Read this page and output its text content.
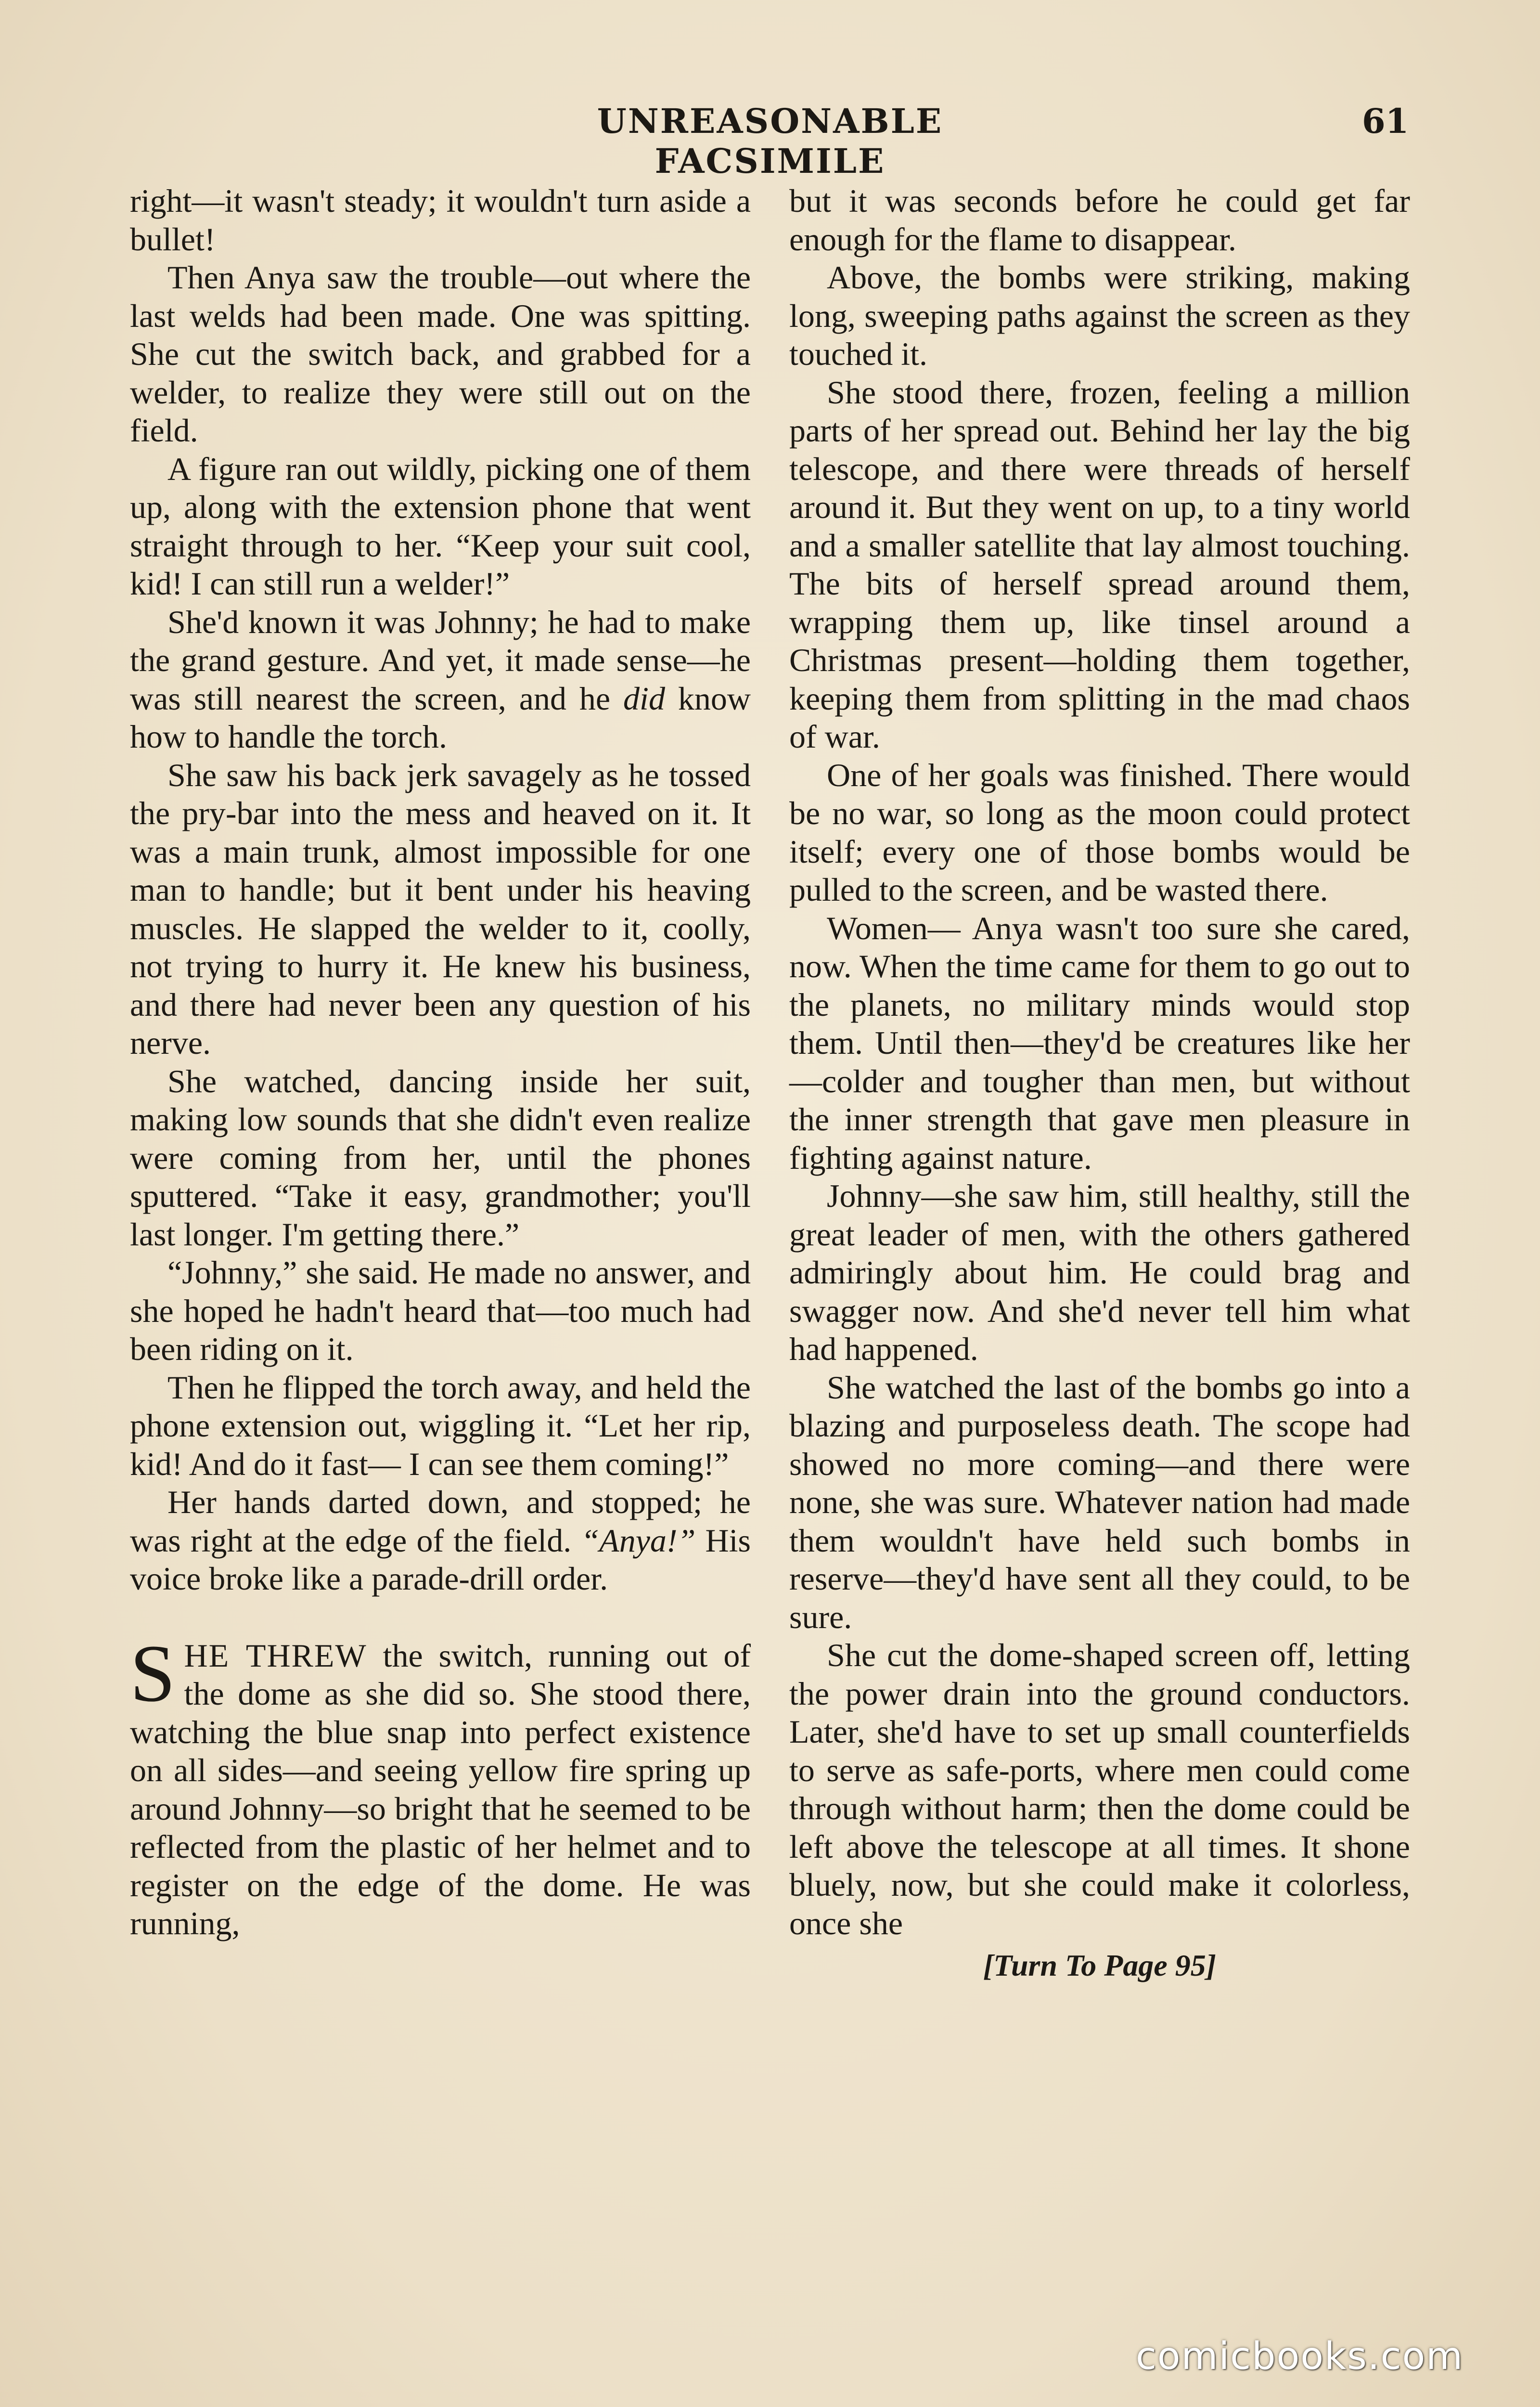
UNREASONABLE FACSIMILE
61

right—it wasn't steady; it wouldn't turn aside a bullet!

Then Anya saw the trouble—out where the last welds had been made. One was spitting. She cut the switch back, and grabbed for a welder, to realize they were still out on the field.

A figure ran out wildly, picking one of them up, along with the extension phone that went straight through to her. “Keep your suit cool, kid! I can still run a welder!”

She'd known it was Johnny; he had to make the grand gesture. And yet, it made sense—he was still nearest the screen, and he did know how to handle the torch.

She saw his back jerk savagely as he tossed the pry-bar into the mess and heaved on it. It was a main trunk, almost impossible for one man to handle; but it bent under his heaving muscles. He slapped the welder to it, coolly, not trying to hurry it. He knew his business, and there had never been any question of his nerve.

She watched, dancing inside her suit, making low sounds that she didn't even realize were coming from her, until the phones sputtered. “Take it easy, grandmother; you'll last longer. I'm getting there.”

“Johnny,” she said. He made no answer, and she hoped he hadn't heard that—too much had been riding on it.

Then he flipped the torch away, and held the phone extension out, wiggling it. “Let her rip, kid! And do it fast— I can see them coming!”

Her hands darted down, and stopped; he was right at the edge of the field. “Anya!” His voice broke like a parade-drill order.

SHE THREW the switch, running out of the dome as she did so. She stood there, watching the blue snap into perfect existence on all sides—and seeing yellow fire spring up around Johnny—so bright that he seemed to be reflected from the plastic of her helmet and to register on the edge of the dome. He was running,

but it was seconds before he could get far enough for the flame to disappear.

Above, the bombs were striking, making long, sweeping paths against the screen as they touched it.

She stood there, frozen, feeling a million parts of her spread out. Behind her lay the big telescope, and there were threads of herself around it. But they went on up, to a tiny world and a smaller satellite that lay almost touching. The bits of herself spread around them, wrapping them up, like tinsel around a Christmas present—holding them together, keeping them from splitting in the mad chaos of war.

One of her goals was finished. There would be no war, so long as the moon could protect itself; every one of those bombs would be pulled to the screen, and be wasted there.

Women— Anya wasn't too sure she cared, now. When the time came for them to go out to the planets, no military minds would stop them. Until then—they'd be creatures like her—colder and tougher than men, but without the inner strength that gave men pleasure in fighting against nature.

Johnny—she saw him, still healthy, still the great leader of men, with the others gathered admiringly about him. He could brag and swagger now. And she'd never tell him what had happened.

She watched the last of the bombs go into a blazing and purposeless death. The scope had showed no more coming—and there were none, she was sure. Whatever nation had made them wouldn't have held such bombs in reserve—they'd have sent all they could, to be sure.

She cut the dome-shaped screen off, letting the power drain into the ground conductors. Later, she'd have to set up small counterfields to serve as safe-ports, where men could come through without harm; then the dome could be left above the telescope at all times. It shone bluely, now, but she could make it colorless, once she

[Turn To Page 95]

comicbooks.com
